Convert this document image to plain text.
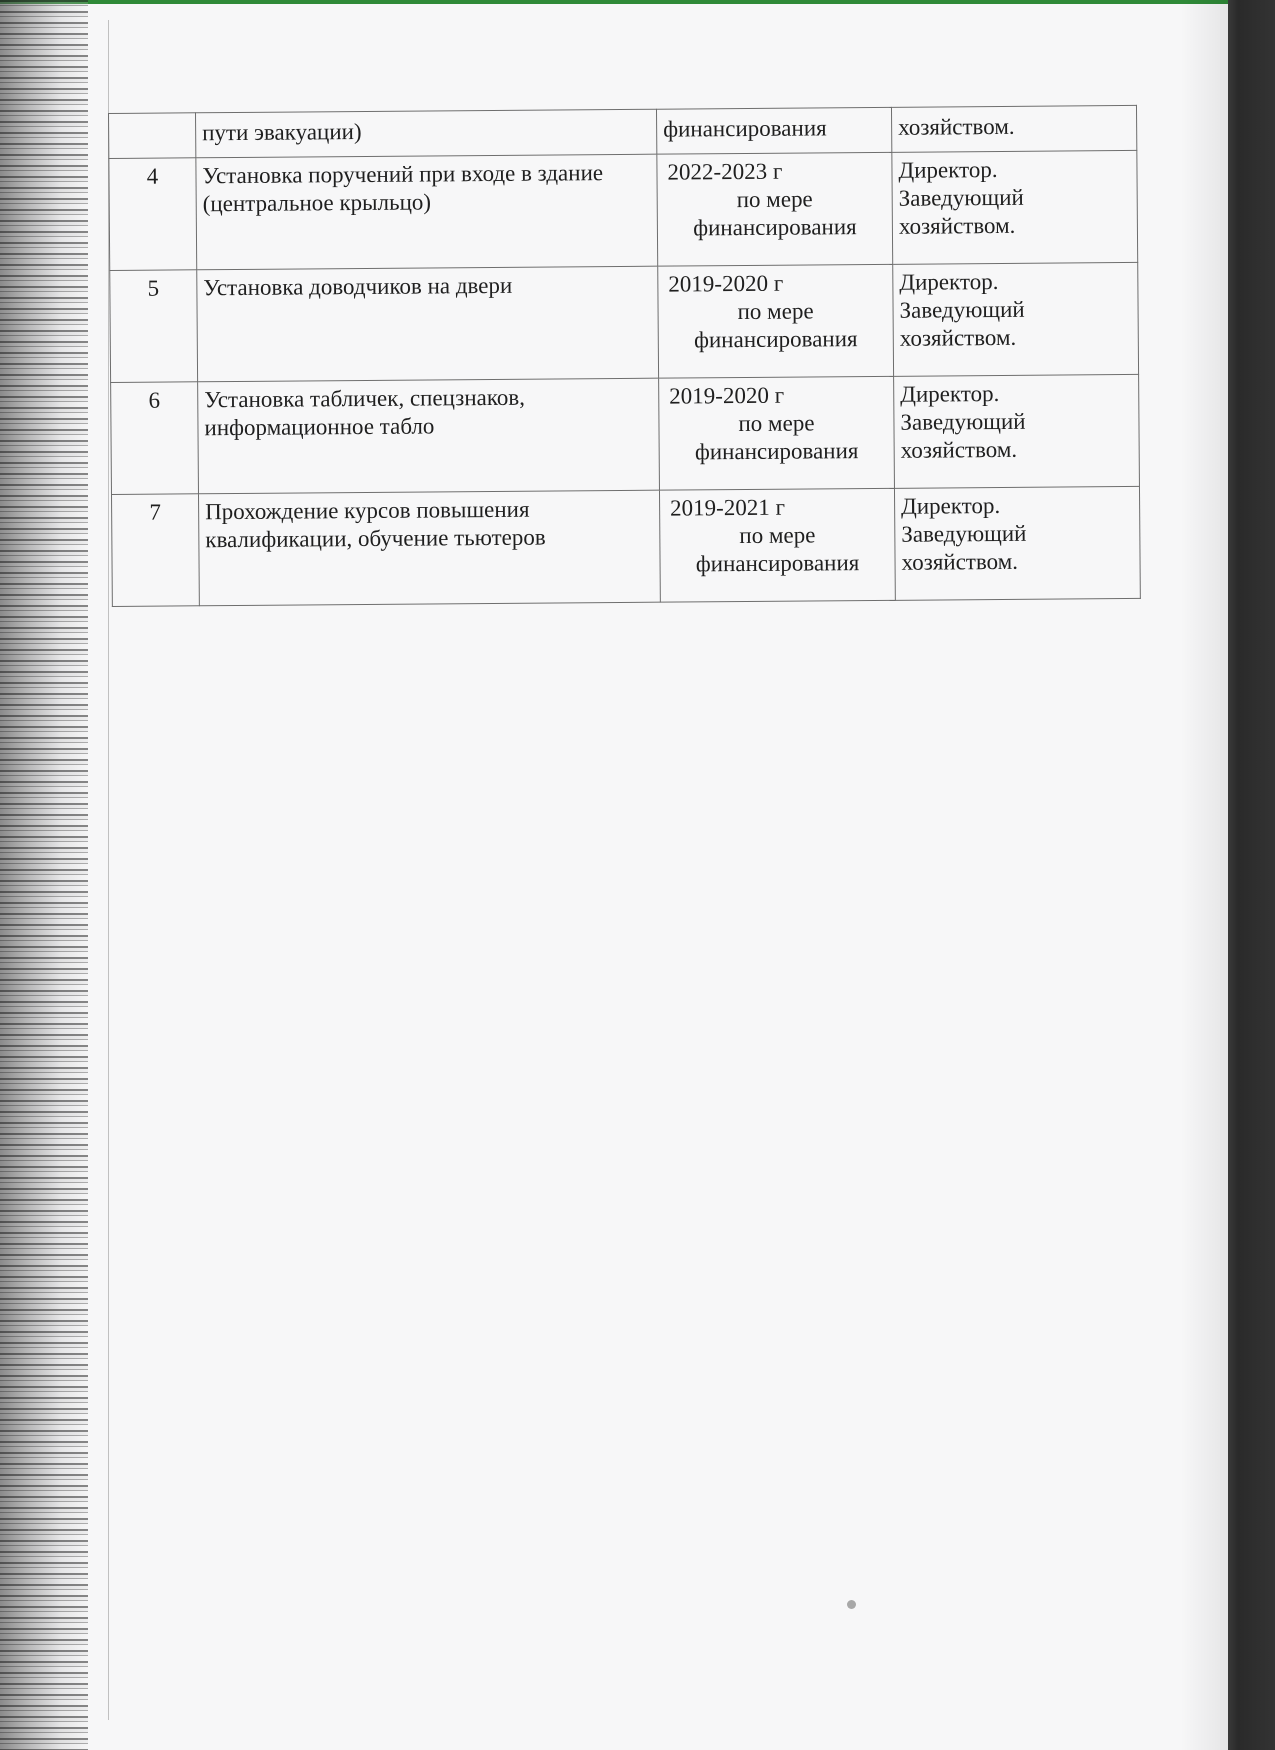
	пути эвакуации)	финансирования	хозяйством.
4	Установка поручений при входе в здание (центральное крыльцо)	2022-2023 г
по мере
финансирования	Директор.
Заведующий
хозяйством.

5	Установка доводчиков на двери	2019-2020 г
по мере
финансирования	Директор.
Заведующий
хозяйством.

6	Установка табличек, спецзнаков, информационное табло	2019-2020 г
по мере
финансирования	Директор.
Заведующий
хозяйством.

7	Прохождение курсов повышения квалификации, обучение тьютеров	2019-2021 г
по мере
финансирования	Директор.
Заведующий
хозяйством.
